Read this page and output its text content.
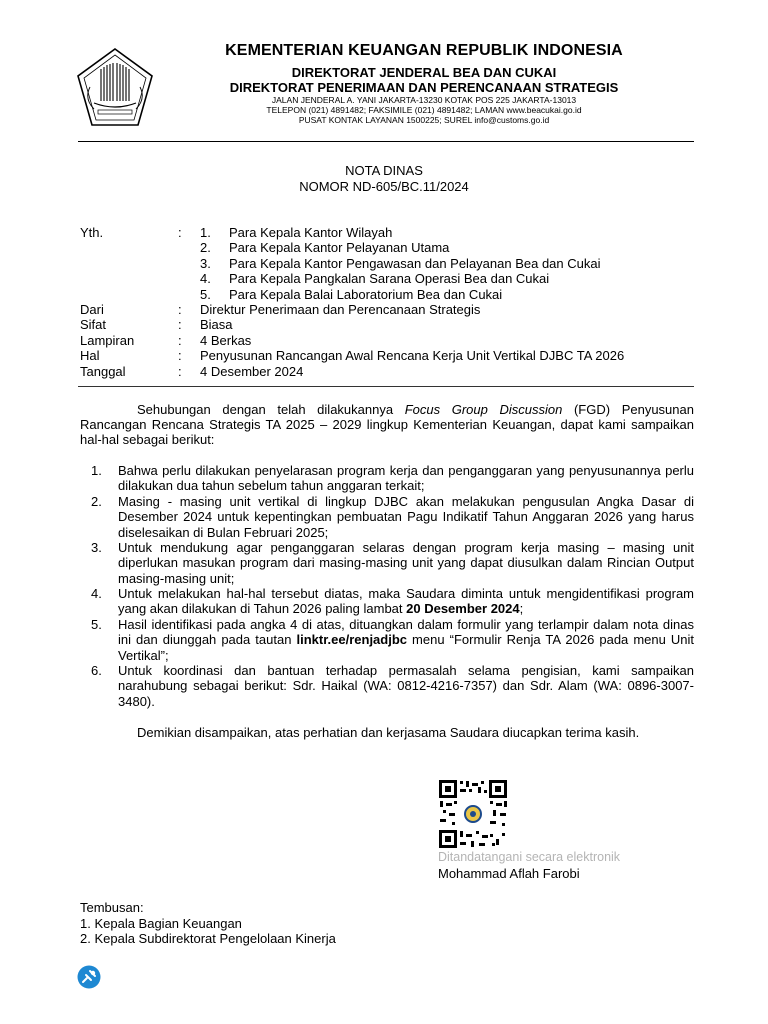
KEMENTERIAN KEUANGAN REPUBLIK INDONESIA
DIREKTORAT JENDERAL BEA DAN CUKAI
DIREKTORAT PENERIMAAN DAN PERENCANAAN STRATEGIS
JALAN JENDERAL A. YANI JAKARTA-13230 KOTAK POS 225 JAKARTA-13013
TELEPON (021) 4891482; FAKSIMILE (021) 4891482; LAMAN www.beacukai.go.id
PUSAT KONTAK LAYANAN 1500225; SUREL info@customs.go.id
NOTA DINAS
NOMOR ND-605/BC.11/2024
Yth.	: 1. Para Kepala Kantor Wilayah
2. Para Kepala Kantor Pelayanan Utama
3. Para Kepala Kantor Pengawasan dan Pelayanan Bea dan Cukai
4. Para Kepala Pangkalan Sarana Operasi Bea dan Cukai
5. Para Kepala Balai Laboratorium Bea dan Cukai
Dari	: Direktur Penerimaan dan Perencanaan Strategis
Sifat	: Biasa
Lampiran	: 4 Berkas
Hal	: Penyusunan Rancangan Awal Rencana Kerja Unit Vertikal DJBC TA 2026
Tanggal	: 4 Desember 2024
Sehubungan dengan telah dilakukannya Focus Group Discussion (FGD) Penyusunan Rancangan Rencana Strategis TA 2025 – 2029 lingkup Kementerian Keuangan, dapat kami sampaikan hal-hal sebagai berikut:
1. Bahwa perlu dilakukan penyelarasan program kerja dan penganggaran yang penyusunannya perlu dilakukan dua tahun sebelum tahun anggaran terkait;
2. Masing - masing unit vertikal di lingkup DJBC akan melakukan pengusulan Angka Dasar di Desember 2024 untuk kepentingkan pembuatan Pagu Indikatif Tahun Anggaran 2026 yang harus diselesaikan di Bulan Februari 2025;
3. Untuk mendukung agar penganggaran selaras dengan program kerja masing – masing unit diperlukan masukan program dari masing-masing unit yang dapat diusulkan dalam Rincian Output masing-masing unit;
4. Untuk melakukan hal-hal tersebut diatas, maka Saudara diminta untuk mengidentifikasi program yang akan dilakukan di Tahun 2026 paling lambat 20 Desember 2024;
5. Hasil identifikasi pada angka 4 di atas, dituangkan dalam formulir yang terlampir dalam nota dinas ini dan diunggah pada tautan linktr.ee/renjadjbc menu “Formulir Renja TA 2026 pada menu Unit Vertikal”;
6. Untuk koordinasi dan bantuan terhadap permasalah selama pengisian, kami sampaikan narahubung sebagai berikut: Sdr. Haikal (WA: 0812-4216-7357) dan Sdr. Alam (WA: 0896-3007-3480).
Demikian disampaikan, atas perhatian dan kerjasama Saudara diucapkan terima kasih.
Ditandatangani secara elektronik
Mohammad Aflah Farobi
Tembusan:
1. Kepala Bagian Keuangan
2. Kepala Subdirektorat Pengelolaan Kinerja
